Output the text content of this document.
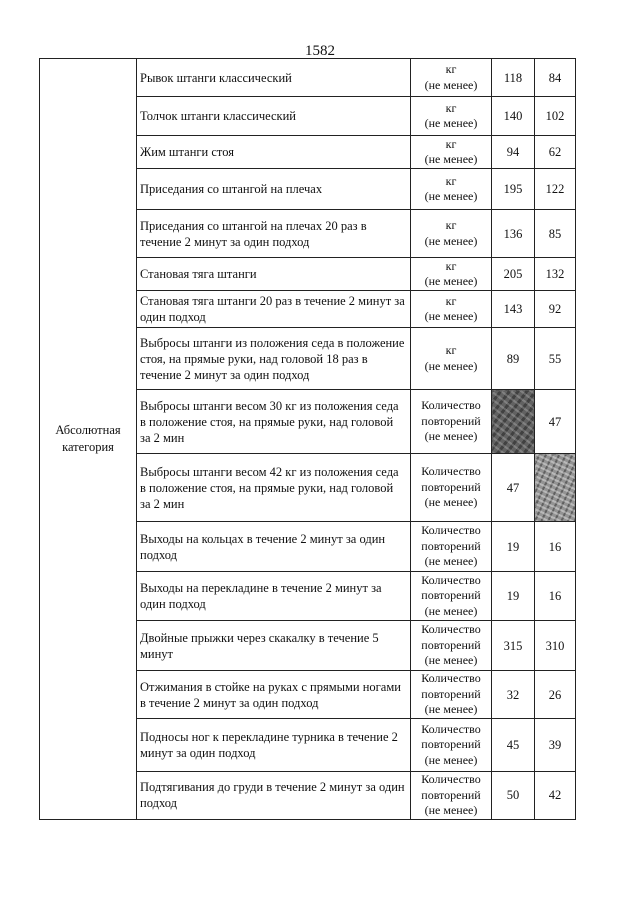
1582
Абсолютная категория	Рывок штанги классический	кг
(не менее)	118	84
	Толчок штанги классический	кг
(не менее)	140	102
	Жим штанги стоя	кг
(не менее)	94	62
	Приседания со штангой на плечах	кг
(не менее)	195	122
	Приседания со штангой на плечах 20 раз в течение 2 минут за один подход	кг
(не менее)	136	85
	Становая тяга штанги	кг
(не менее)	205	132
	Становая тяга штанги 20 раз в течение 2 минут за один подход	кг
(не менее)	143	92
	Выбросы штанги из положения седа в положение стоя, на прямые руки, над головой 18 раз в течение 2 минут за один подход	кг
(не менее)	89	55
	Выбросы штанги весом 30 кг из положения седа в положение стоя, на прямые руки, над головой за 2 мин	Количество
повторений
(не менее)		47
	Выбросы штанги весом 42 кг из положения седа в положение стоя, на прямые руки, над головой за 2 мин	Количество
повторений
(не менее)	47	
	Выходы на кольцах в течение 2 минут за один подход	Количество
повторений
(не менее)	19	16
	Выходы на перекладине в течение 2 минут за один подход	Количество
повторений
(не менее)	19	16
	Двойные прыжки через скакалку в течение 5 минут	Количество
повторений
(не менее)	315	310
	Отжимания в стойке на руках с прямыми ногами в течение 2 минут за один подход	Количество
повторений
(не менее)	32	26
	Подносы ног к перекладине турника в течение 2 минут за один подход	Количество
повторений
(не менее)	45	39
	Подтягивания до груди в течение 2 минут за один подход	Количество
повторений
(не менее)	50	42
